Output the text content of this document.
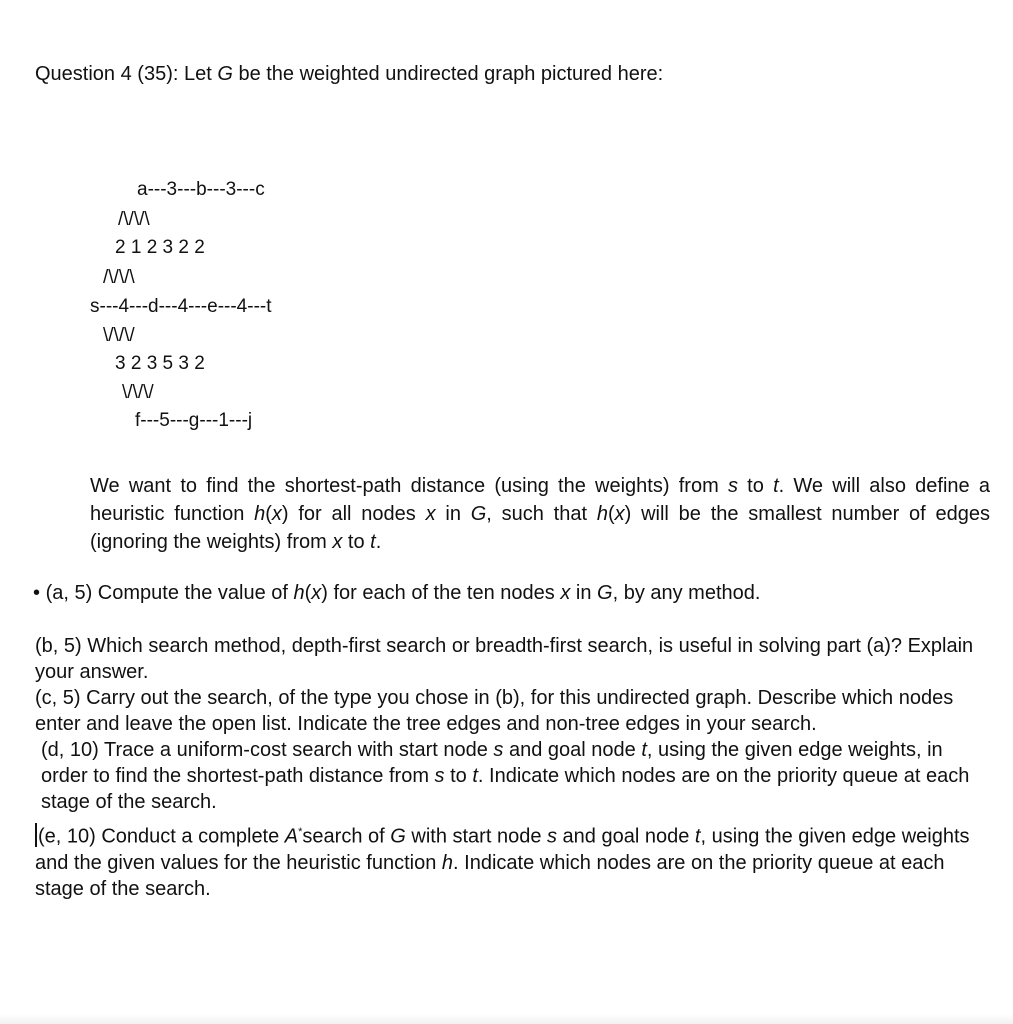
Question 4 (35): Let G be the weighted undirected graph pictured here:
a---3---b---3---c
/\/\/\
2 1 2 3 2 2
/\/\/\
s---4---d---4---e---4---t
\/\/\/
3 2 3 5 3 2
\/\/\/
f---5---g---1---j
We want to find the shortest-path distance (using the weights) from s to t. We will also define a heuristic function h(x) for all nodes x in G, such that h(x) will be the smallest number of edges (ignoring the weights) from x to t.
• (a, 5) Compute the value of h(x) for each of the ten nodes x in G, by any method.

(b, 5) Which search method, depth-first search or breadth-first search, is useful in solving part (a)? Explain your answer.

(c, 5) Carry out the search, of the type you chose in (b), for this undirected graph. Describe which nodes enter and leave the open list. Indicate the tree edges and non-tree edges in your search.

(d, 10) Trace a uniform-cost search with start node s and goal node t, using the given edge weights, in order to find the shortest-path distance from s to t. Indicate which nodes are on the priority queue at each stage of the search.

(e, 10) Conduct a complete A*search of G with start node s and goal node t, using the given edge weights and the given values for the heuristic function h. Indicate which nodes are on the priority queue at each stage of the search.
